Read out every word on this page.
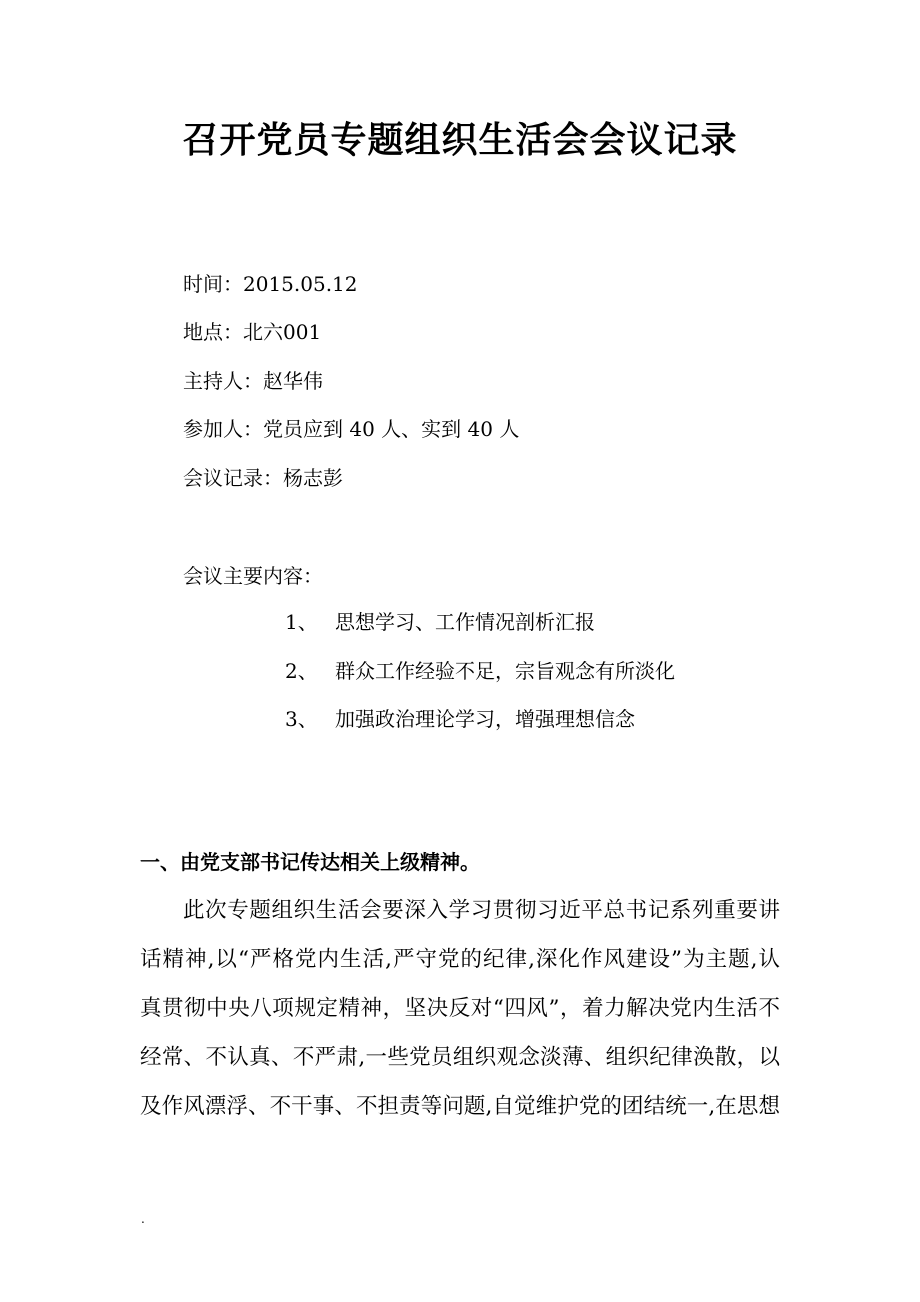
召开党员专题组织生活会会议记录
时间：2015.05.12
地点：北六001
主持人：赵华伟
参加人：党员应到 40 人、实到 40 人
会议记录：杨志彭
会议主要内容：
1、 思想学习、工作情况剖析汇报
2、 群众工作经验不足，宗旨观念有所淡化
3、 加强政治理论学习，增强理想信念
一、由党支部书记传达相关上级精神。
此次专题组织生活会要深入学习贯彻习近平总书记系列重要讲
话精神,以“严格党内生活,严守党的纪律,深化作风建设”为主题,认
真贯彻中央八项规定精神，坚决反对“四风”，着力解决党内生活不
经常、不认真、不严肃,一些党员组织观念淡薄、组织纪律涣散，以
及作风漂浮、不干事、不担责等问题,自觉维护党的团结统一,在思想
.
